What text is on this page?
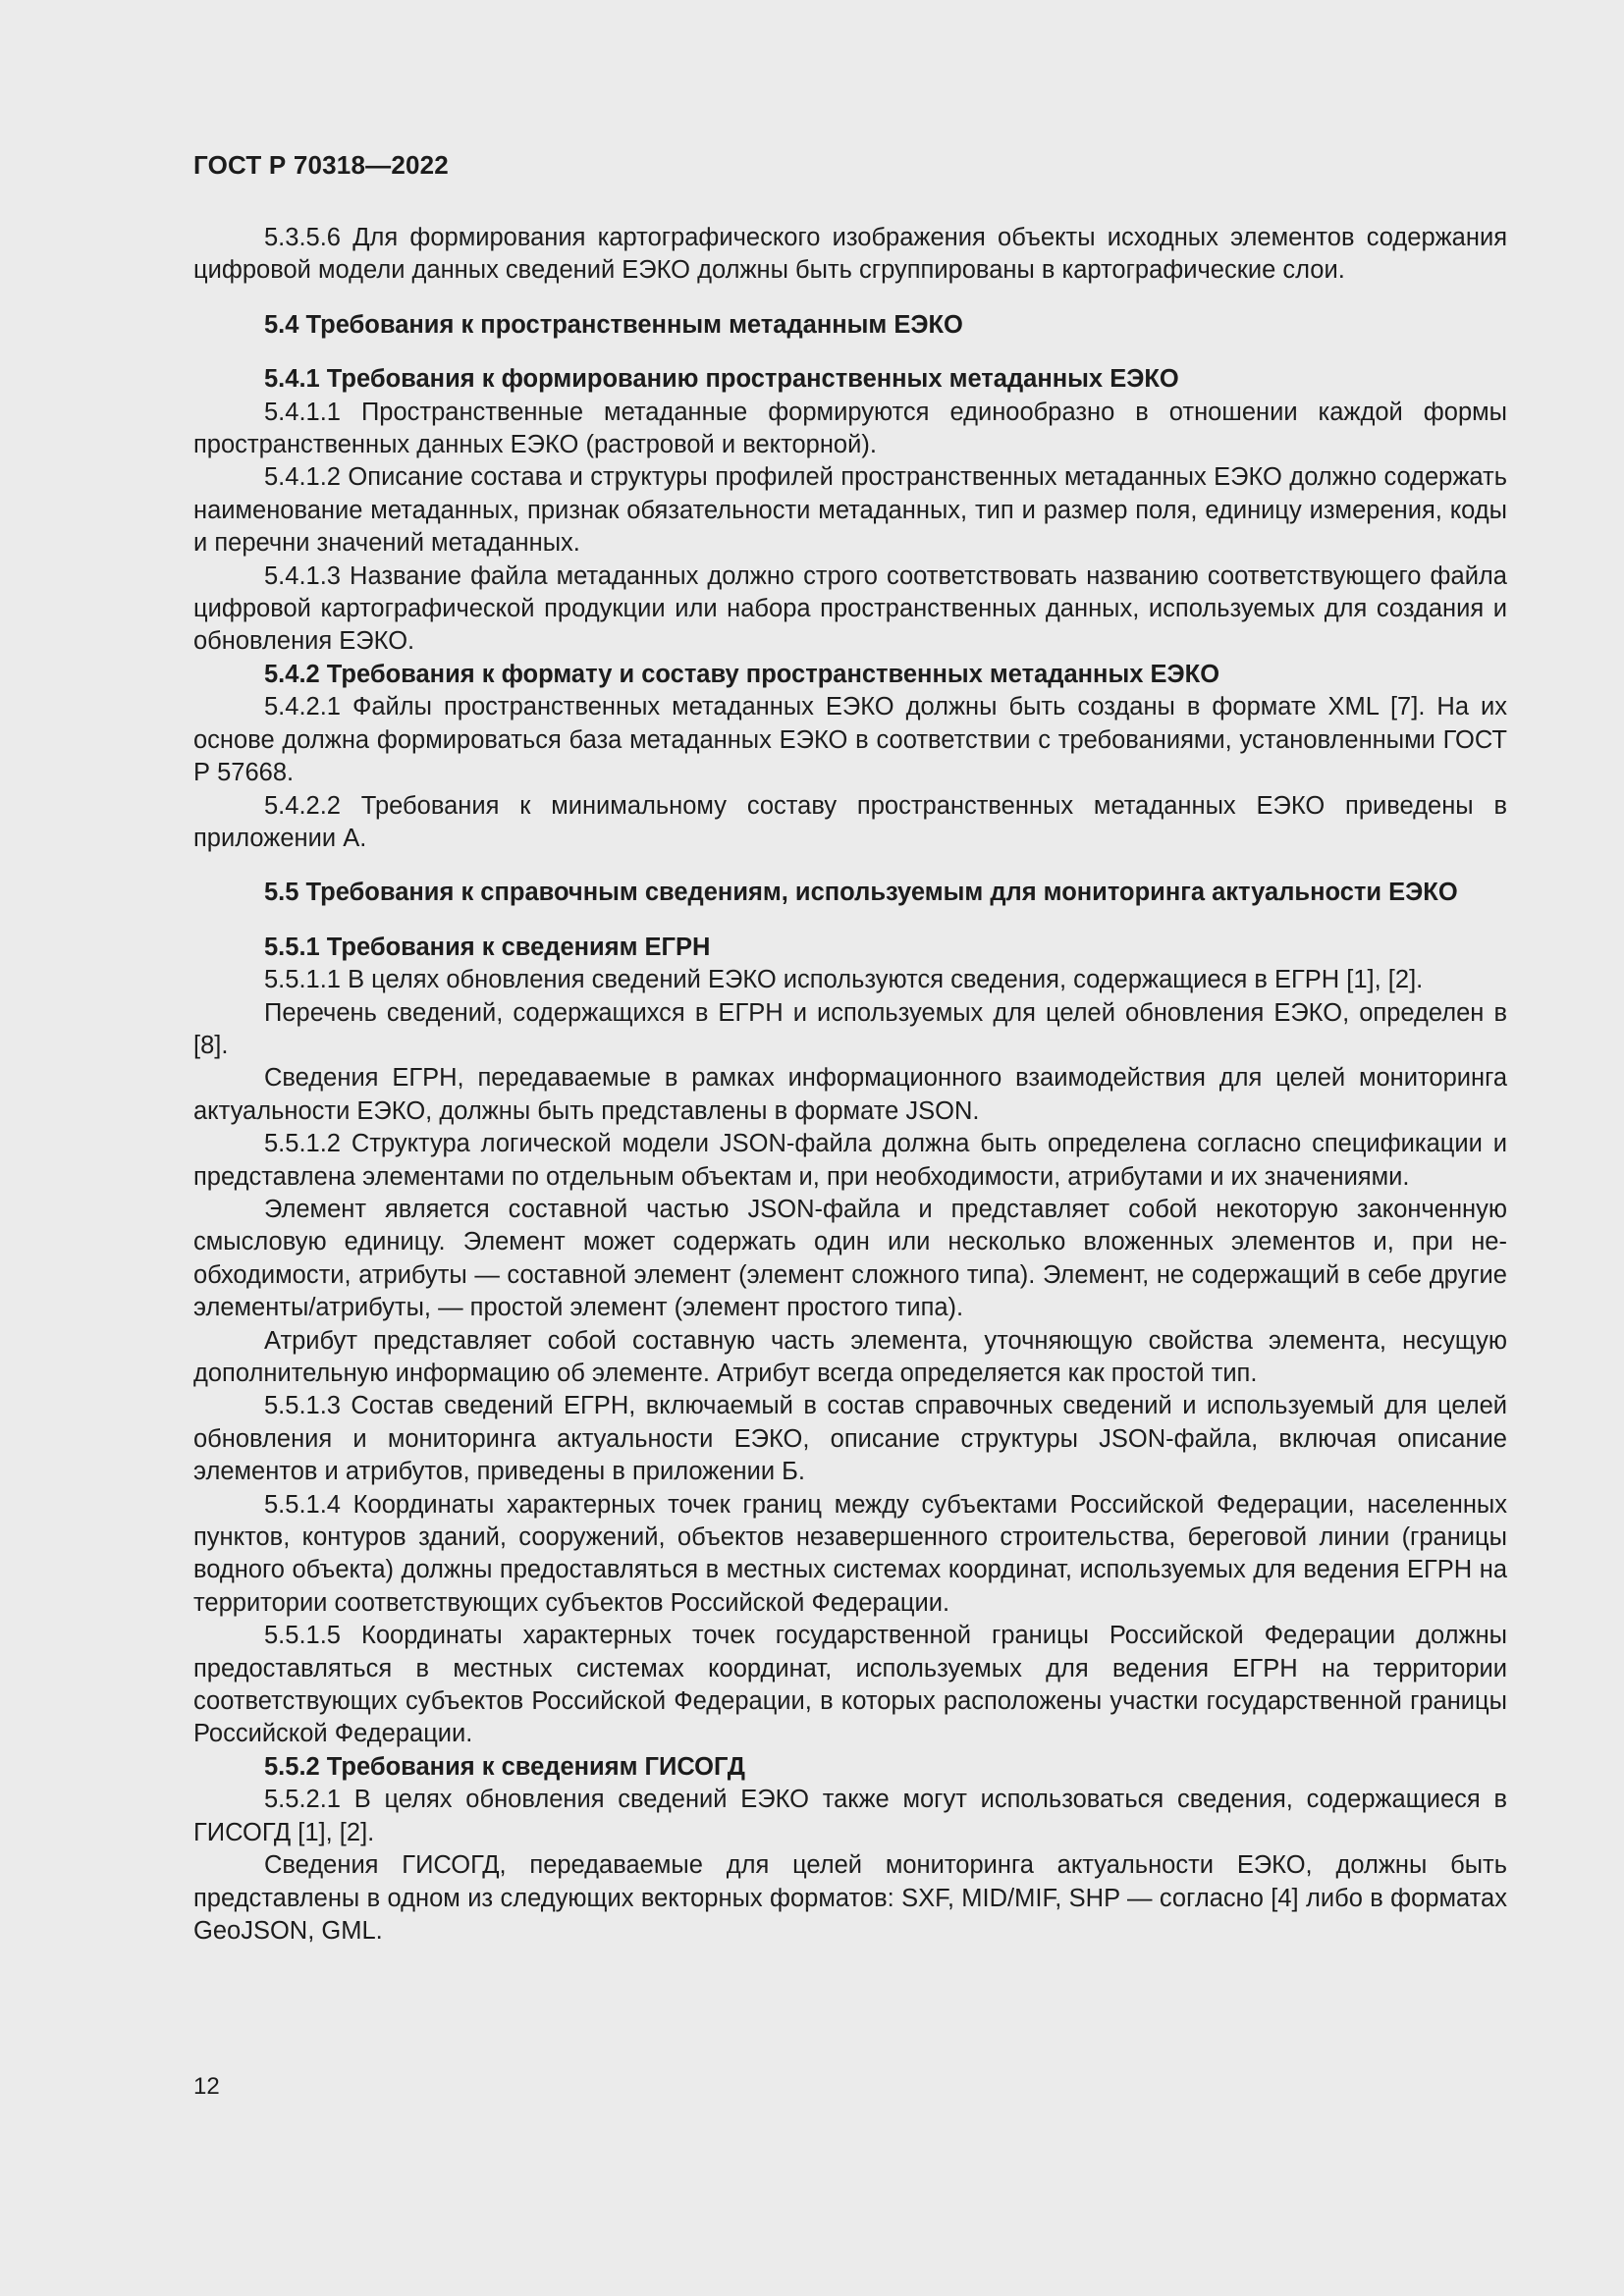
ГОСТ Р 70318—2022

5.3.5.6 Для формирования картографического изображения объекты исходных элементов содержания цифровой модели данных сведений ЕЭКО должны быть сгруппированы в картографические слои.

5.4 Требования к пространственным метаданным ЕЭКО
5.4.1 Требования к формированию пространственных метаданных ЕЭКО

5.4.1.1 Пространственные метаданные формируются единообразно в отношении каждой формы пространственных данных ЕЭКО (растровой и векторной).

5.4.1.2 Описание состава и структуры профилей пространственных метаданных ЕЭКО должно содержать наименование метаданных, признак обязательности метаданных, тип и размер поля, единицу измерения, коды и перечни значений метаданных.

5.4.1.3 Название файла метаданных должно строго соответствовать названию соответствующего файла цифровой картографической продукции или набора пространственных данных, используемых для создания и обновления ЕЭКО.

5.4.2 Требования к формату и составу пространственных метаданных ЕЭКО

5.4.2.1 Файлы пространственных метаданных ЕЭКО должны быть созданы в формате XML [7]. На их основе должна формироваться база метаданных ЕЭКО в соответствии с требованиями, установленными ГОСТ Р 57668.

5.4.2.2 Требования к минимальному составу пространственных метаданных ЕЭКО приведены в приложении А.

5.5 Требования к справочным сведениям, используемым для мониторинга актуальности ЕЭКО
5.5.1 Требования к сведениям ЕГРН

5.5.1.1 В целях обновления сведений ЕЭКО используются сведения, содержащиеся в ЕГРН [1], [2].

Перечень сведений, содержащихся в ЕГРН и используемых для целей обновления ЕЭКО, определен в [8].

Сведения ЕГРН, передаваемые в рамках информационного взаимодействия для целей мониторинга актуальности ЕЭКО, должны быть представлены в формате JSON.

5.5.1.2 Структура логической модели JSON-файла должна быть определена согласно спецификации и представлена элементами по отдельным объектам и, при необходимости, атрибутами и их значениями.

Элемент является составной частью JSON-файла и представляет собой некоторую законченную смысловую единицу. Элемент может содержать один или несколько вложенных элементов и, при необходимости, атрибуты — составной элемент (элемент сложного типа). Элемент, не содержащий в себе другие элементы/атрибуты, — простой элемент (элемент простого типа).

Атрибут представляет собой составную часть элемента, уточняющую свойства элемента, несущую дополнительную информацию об элементе. Атрибут всегда определяется как простой тип.

5.5.1.3 Состав сведений ЕГРН, включаемый в состав справочных сведений и используемый для целей обновления и мониторинга актуальности ЕЭКО, описание структуры JSON-файла, включая описание элементов и атрибутов, приведены в приложении Б.

5.5.1.4 Координаты характерных точек границ между субъектами Российской Федерации, населенных пунктов, контуров зданий, сооружений, объектов незавершенного строительства, береговой линии (границы водного объекта) должны предоставляться в местных системах координат, используемых для ведения ЕГРН на территории соответствующих субъектов Российской Федерации.

5.5.1.5 Координаты характерных точек государственной границы Российской Федерации должны предоставляться в местных системах координат, используемых для ведения ЕГРН на территории соответствующих субъектов Российской Федерации, в которых расположены участки государственной границы Российской Федерации.

5.5.2 Требования к сведениям ГИСОГД

5.5.2.1 В целях обновления сведений ЕЭКО также могут использоваться сведения, содержащиеся в ГИСОГД [1], [2].

Сведения ГИСОГД, передаваемые для целей мониторинга актуальности ЕЭКО, должны быть представлены в одном из следующих векторных форматов: SXF, MID/MIF, SHP — согласно [4] либо в форматах GeoJSON, GML.

12
